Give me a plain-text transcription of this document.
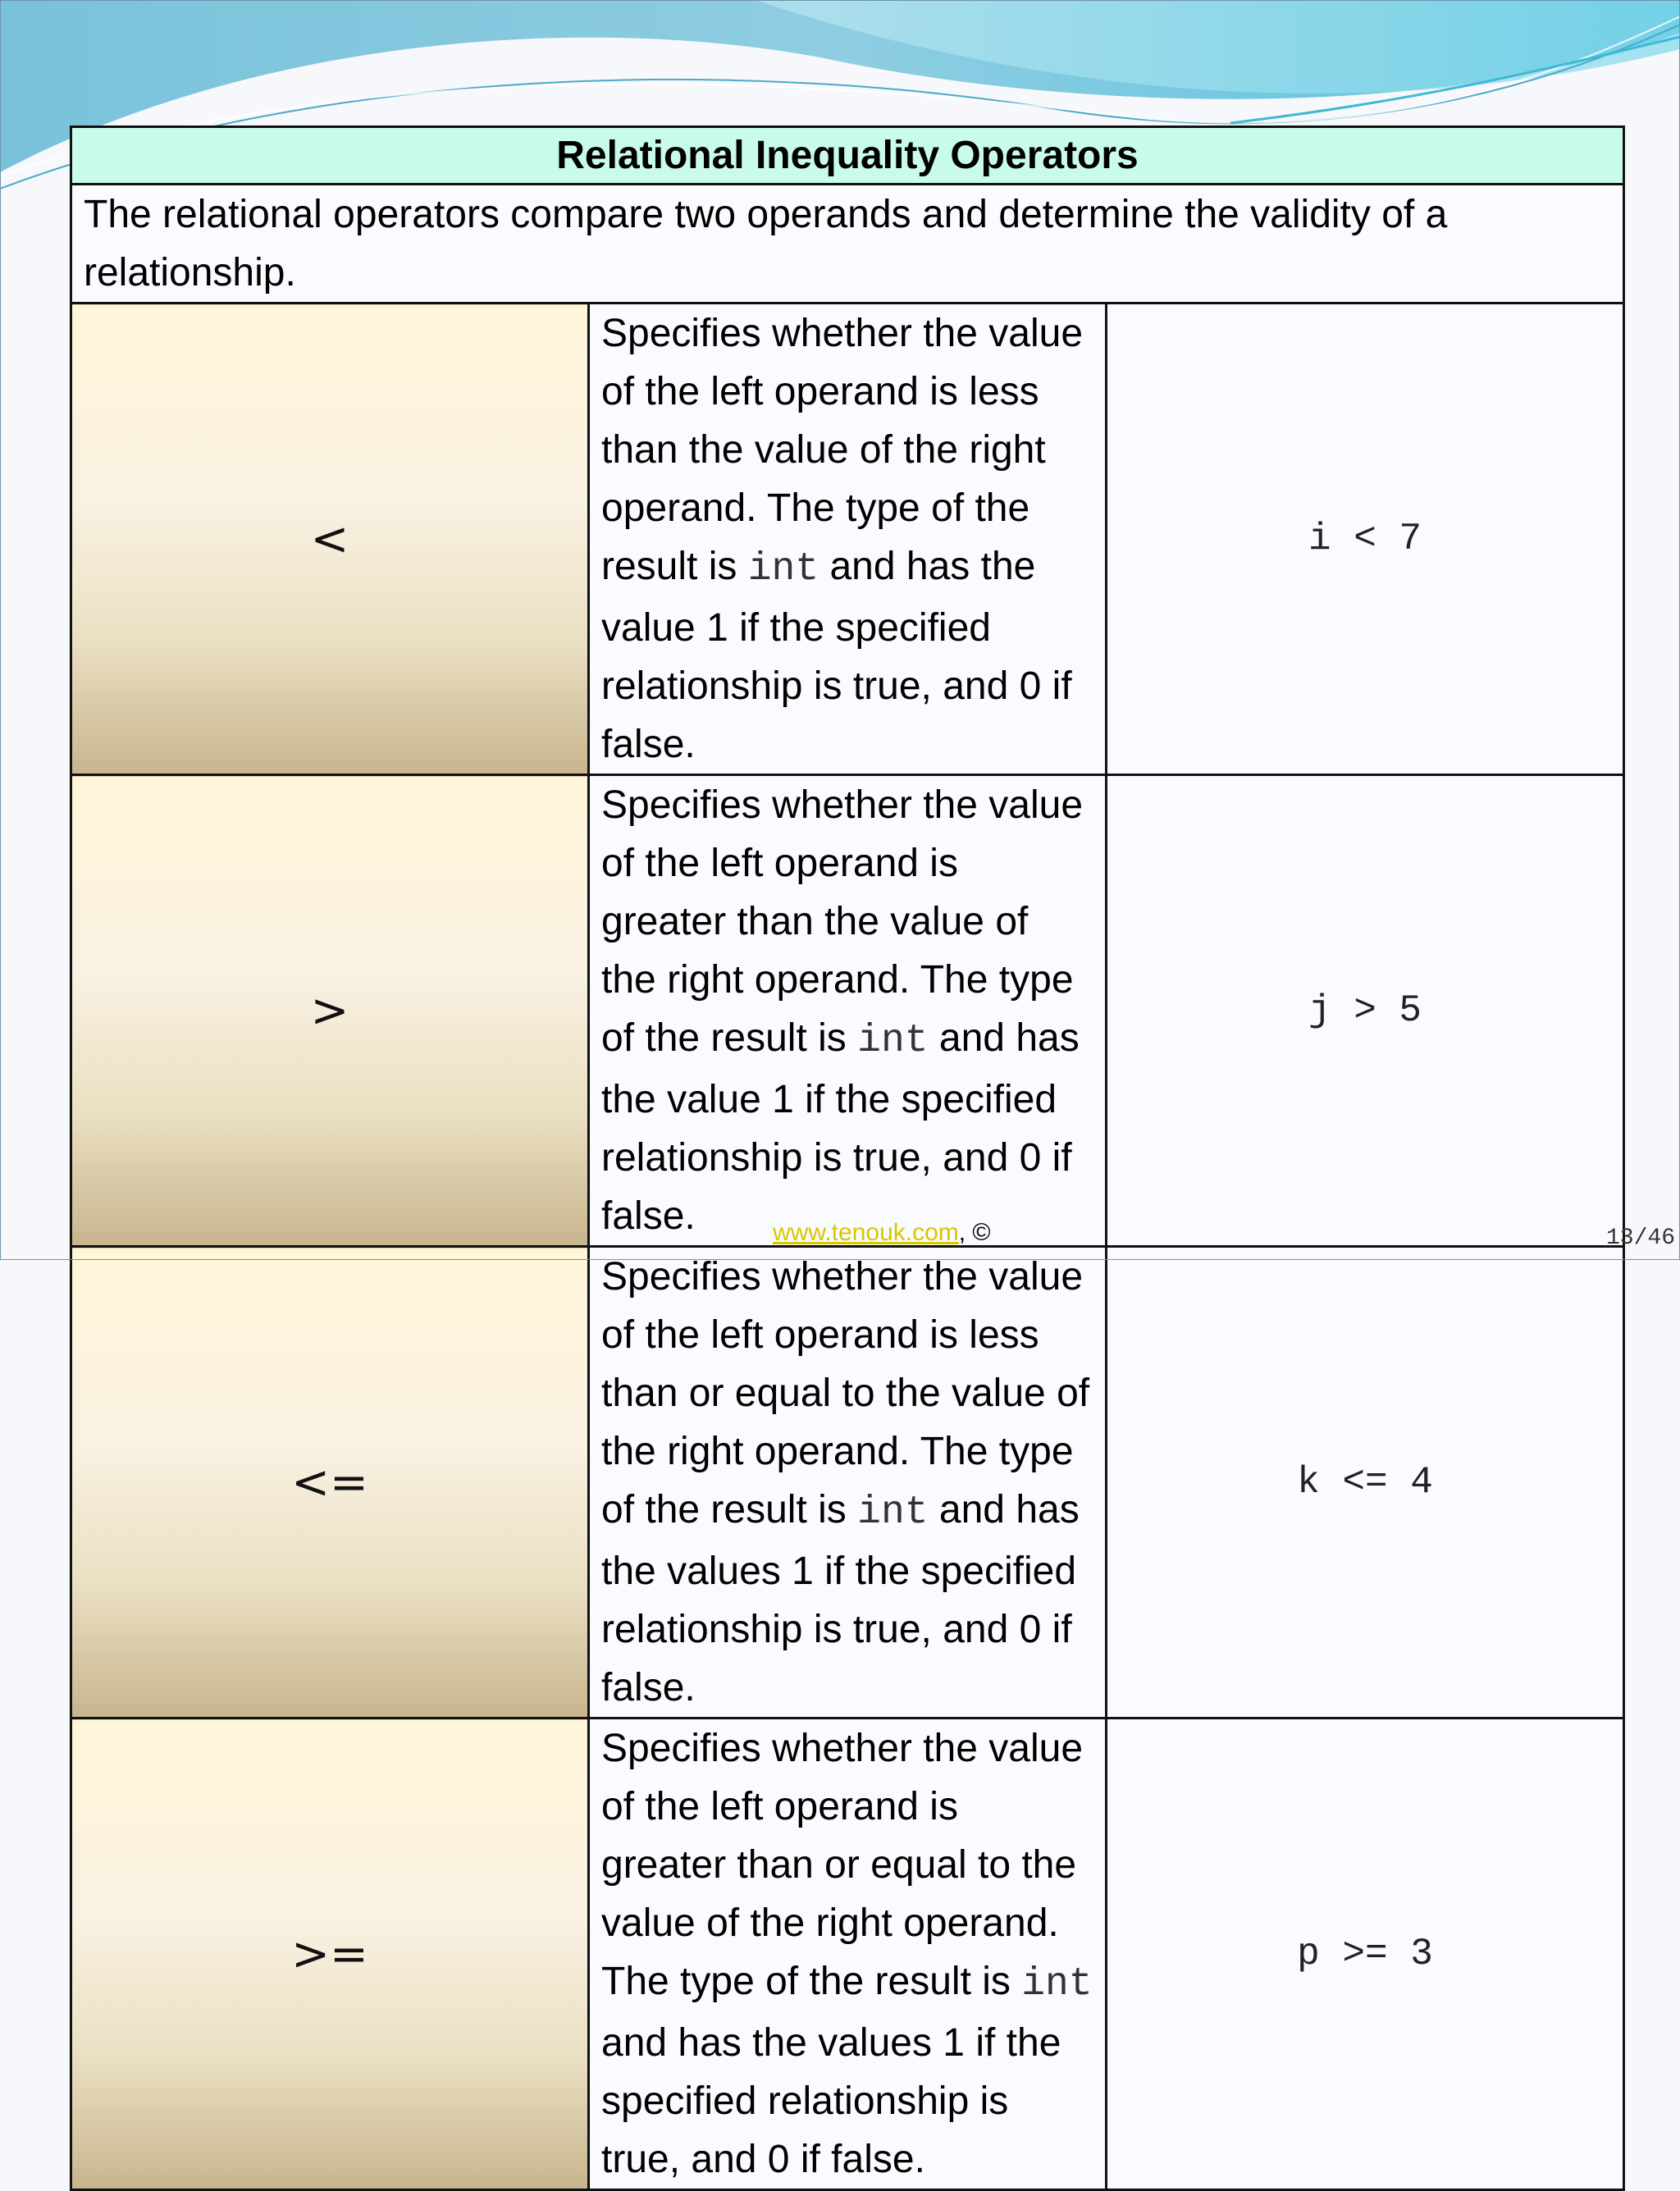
Relational Inequality Operators		
The relational operators compare two operands and determine the validity of a relationship.		
<	Specifies whether the value of the left operand is less than the value of the right operand. The type of the result is int and has the value 1 if the specified relationship is true, and 0 if false.	i < 7
>	Specifies whether the value of the left operand is greater than the value of the right operand. The type of the result is int and has the value 1 if the specified relationship is true, and 0 if false.	j > 5
<=	Specifies whether the value of the left operand is less than or equal to the value of the right operand. The type of the result is int and has the values 1 if the specified relationship is true, and 0 if false.	k <= 4
>=	Specifies whether the value of the left operand is greater than or equal to the value of the right operand. The type of the result is int and has the values 1 if the specified relationship is true, and 0 if false.	p >= 3
www.tenouk.com, ©	13/46
